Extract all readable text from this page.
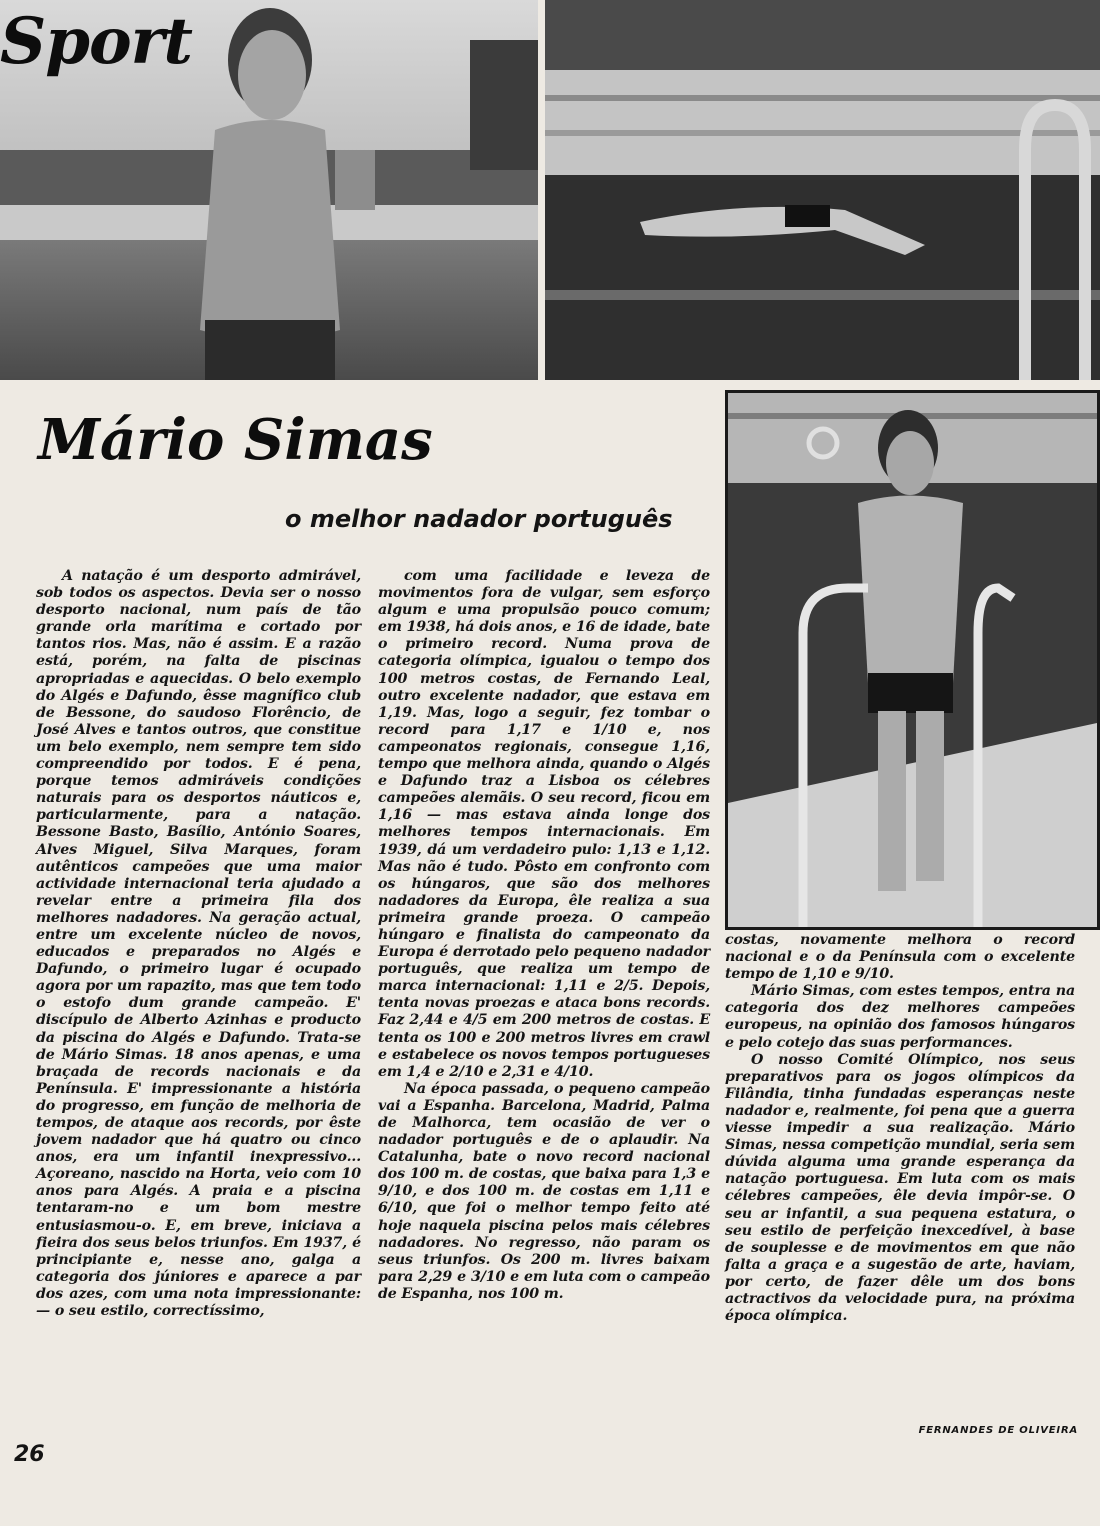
Sport
Mário Simas
o melhor nadador português

A natação é um desporto admirável, sob todos os aspectos. Devia ser o nosso desporto nacional, num país de tão grande orla marítima e cortado por tantos rios. Mas, não é assim. E a razão está, porém, na falta de piscinas apropriadas e aquecidas. O belo exemplo do Algés e Dafundo, êsse magnífico club de Bessone, do saudoso Florêncio, de José Alves e tantos outros, que constitue um belo exemplo, nem sempre tem sido compreendido por todos. E é pena, porque temos admiráveis condições naturais para os desportos náuticos e, particularmente, para a natação. Bessone Basto, Basílio, António Soares, Alves Miguel, Silva Marques, foram autênticos campeões que uma maior actividade internacional teria ajudado a revelar entre a primeira fila dos melhores nadadores. Na geração actual, entre um excelente núcleo de novos, educados e preparados no Algés e Dafundo, o primeiro lugar é ocupado agora por um rapazito, mas que tem todo o estofo dum grande campeão. E' discípulo de Alberto Azinhas e producto da piscina do Algés e Dafundo. Trata-se de Mário Simas. 18 anos apenas, e uma braçada de records nacionais e da Península. E' impressionante a história do progresso, em função de melhoria de tempos, de ataque aos records, por êste jovem nadador que há quatro ou cinco anos, era um infantil inexpressivo... Açoreano, nascido na Horta, veio com 10 anos para Algés. A praia e a piscina tentaram-no e um bom mestre entusiasmou-o. E, em breve, iniciava a fieira dos seus belos triunfos. Em 1937, é principiante e, nesse ano, galga a categoria dos júniores e aparece a par dos azes, com uma nota impressionante:— o seu estilo, correctíssimo,

com uma facilidade e leveza de movimentos fora de vulgar, sem esforço algum e uma propulsão pouco comum; em 1938, há dois anos, e 16 de idade, bate o primeiro record. Numa prova de categoria olímpica, igualou o tempo dos 100 metros costas, de Fernando Leal, outro excelente nadador, que estava em 1,19. Mas, logo a seguir, fez tombar o record para 1,17 e 1/10 e, nos campeonatos regionais, consegue 1,16, tempo que melhora ainda, quando o Algés e Dafundo traz a Lisboa os célebres campeões alemãis. O seu record, ficou em 1,16 — mas estava ainda longe dos melhores tempos internacionais. Em 1939, dá um verdadeiro pulo: 1,13 e 1,12. Mas não é tudo. Pôsto em confronto com os húngaros, que são dos melhores nadadores da Europa, êle realiza a sua primeira grande proeza. O campeão húngaro e finalista do campeonato da Europa é derrotado pelo pequeno nadador português, que realiza um tempo de marca internacional: 1,11 e 2/5. Depois, tenta novas proezas e ataca bons records. Faz 2,44 e 4/5 em 200 metros de costas. E tenta os 100 e 200 metros livres em crawl e estabelece os novos tempos portugueses em 1,4 e 2/10 e 2,31 e 4/10.

Na época passada, o pequeno campeão vai a Espanha. Barcelona, Madrid, Palma de Malhorca, tem ocasião de ver o nadador português e de o aplaudir. Na Catalunha, bate o novo record nacional dos 100 m. de costas, que baixa para 1,3 e 9/10, e dos 100 m. de costas em 1,11 e 6/10, que foi o melhor tempo feito até hoje naquela piscina pelos mais célebres nadadores. No regresso, não param os seus triunfos. Os 200 m. livres baixam para 2,29 e 3/10 e em luta com o campeão de Espanha, nos 100 m.

costas, novamente melhora o record nacional e o da Península com o excelente tempo de 1,10 e 9/10.

Mário Simas, com estes tempos, entra na categoria dos dez melhores campeões europeus, na opinião dos famosos húngaros e pelo cotejo das suas performances.

O nosso Comité Olímpico, nos seus preparativos para os jogos olímpicos da Filândia, tinha fundadas esperanças neste nadador e, realmente, foi pena que a guerra viesse impedir a sua realização. Mário Simas, nessa competição mundial, seria sem dúvida alguma uma grande esperança da natação portuguesa. Em luta com os mais célebres campeões, êle devia impôr-se. O seu ar infantil, a sua pequena estatura, o seu estilo de perfeição inexcedível, à base de souplesse e de movimentos em que não falta a graça e a sugestão de arte, haviam, por certo, de fazer dêle um dos bons actractivos da velocidade pura, na próxima época olímpica.

FERNANDES DE OLIVEIRA

26
